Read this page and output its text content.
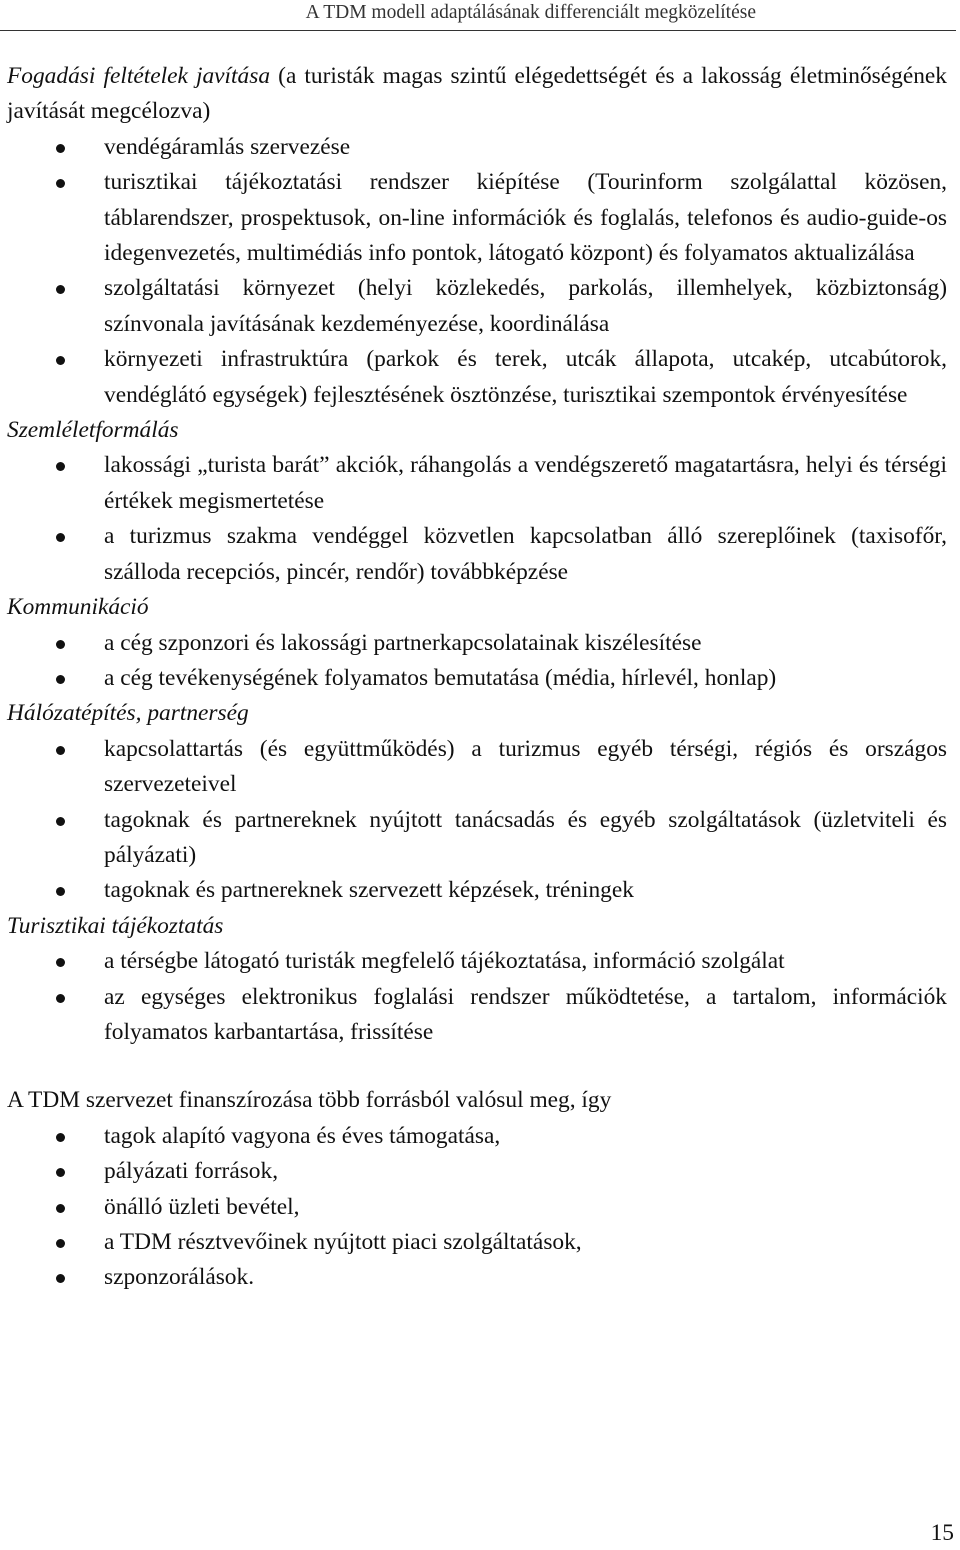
A TDM modell adaptálásának differenciált megközelítése

Fogadási feltételek javítása (a turisták magas szintű elégedettségét és a lakosság életminőségének javítását megcélozva)

vendégáramlás szervezése
turisztikai tájékoztatási rendszer kiépítése (Tourinform szolgálattal közösen, táblarendszer, prospektusok, on-line információk és foglalás, telefonos és audio-guide-os idegenvezetés, multimédiás info pontok, látogató központ) és folyamatos aktualizálása
szolgáltatási környezet (helyi közlekedés, parkolás, illemhelyek, közbiztonság) színvonala javításának kezdeményezése, koordinálása
környezeti infrastruktúra (parkok és terek, utcák állapota, utcakép, utcabútorok, vendéglátó egységek) fejlesztésének ösztönzése, turisztikai szempontok érvényesítése

Szemléletformálás

lakossági „turista barát” akciók, ráhangolás a vendégszerető magatartásra, helyi és térségi értékek megismertetése
a turizmus szakma vendéggel közvetlen kapcsolatban álló szereplőinek (taxisofőr, szálloda recepciós, pincér, rendőr) továbbképzése

Kommunikáció

a cég szponzori és lakossági partnerkapcsolatainak kiszélesítése
a cég tevékenységének folyamatos bemutatása (média, hírlevél, honlap)

Hálózatépítés, partnerség

kapcsolattartás (és együttműködés) a turizmus egyéb térségi, régiós és országos szervezeteivel
tagoknak és partnereknek nyújtott tanácsadás és egyéb szolgáltatások (üzletviteli és pályázati)
tagoknak és partnereknek szervezett képzések, tréningek

Turisztikai tájékoztatás

a térségbe látogató turisták megfelelő tájékoztatása, információ szolgálat
az egységes elektronikus foglalási rendszer működtetése, a tartalom, információk folyamatos karbantartása, frissítése

A TDM szervezet finanszírozása több forrásból valósul meg, így

tagok alapító vagyona és éves támogatása,
pályázati források,
önálló üzleti bevétel,
a TDM résztvevőinek nyújtott piaci szolgáltatások,
szponzorálások.
15
